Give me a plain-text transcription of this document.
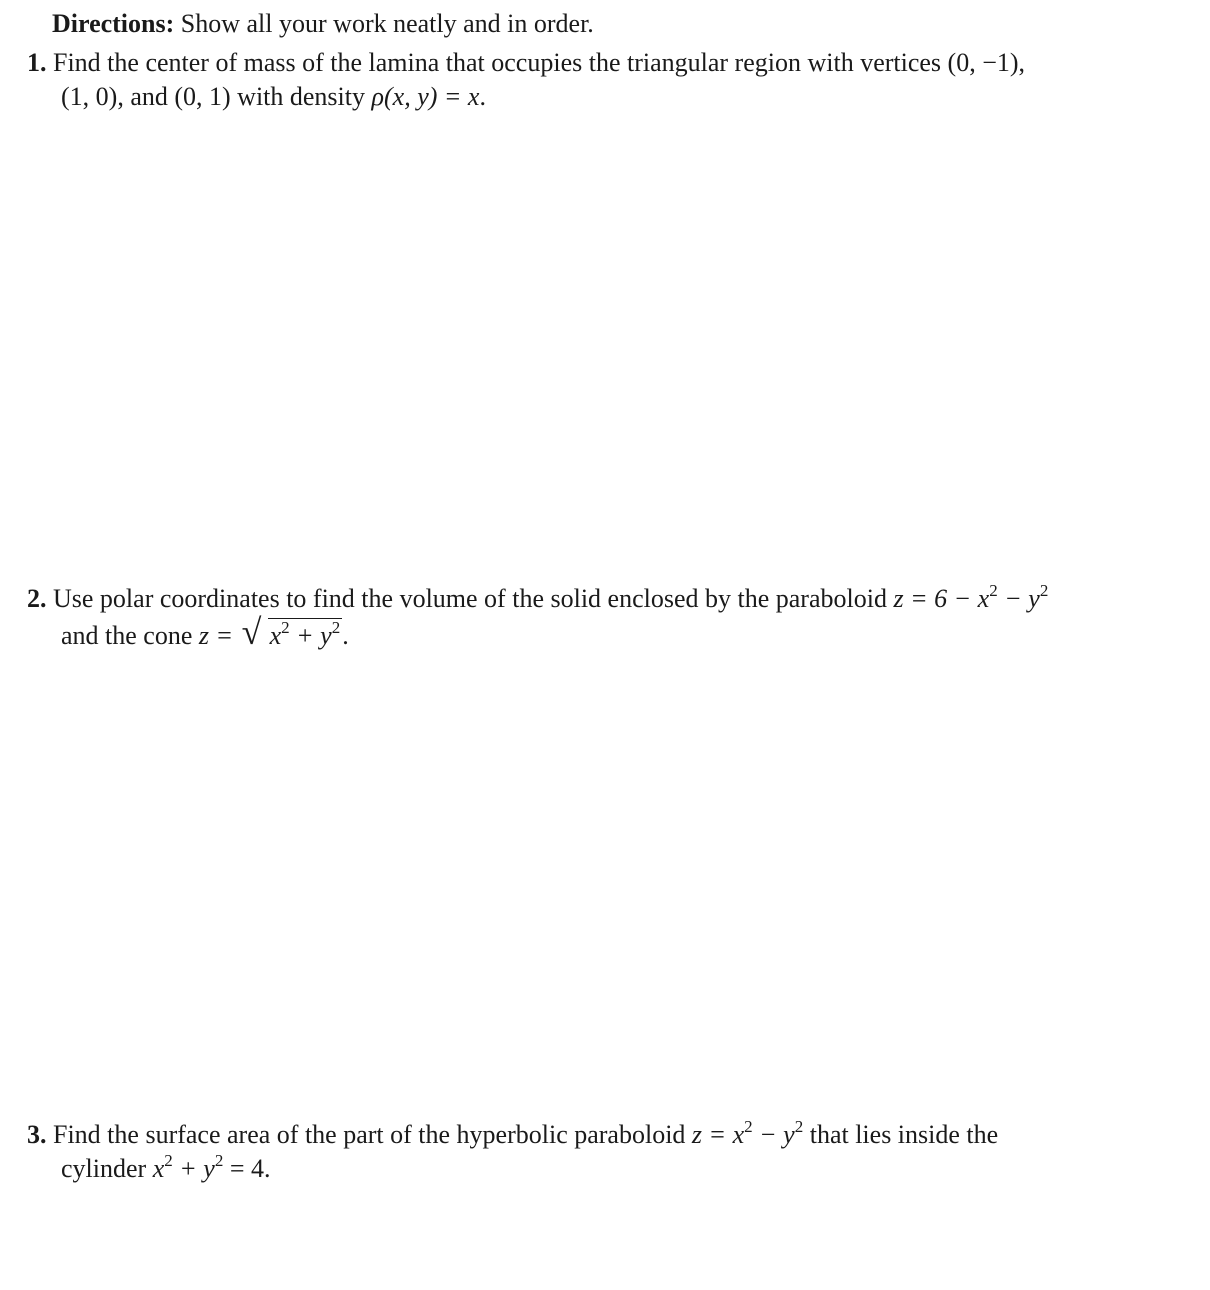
Directions: Show all your work neatly and in order.
1. Find the center of mass of the lamina that occupies the triangular region with vertices (0, −1),
(1, 0), and (0, 1) with density ρ(x, y) = x.
2. Use polar coordinates to find the volume of the solid enclosed by the paraboloid $z = 6 - x^2 - y^2$
and the cone z = √ $x^2 + y^2$.
3. Find the surface area of the part of the hyperbolic paraboloid $z = x^2 - y^2$ that lies inside the
cylinder $x^2 + y^2 = 4$.
